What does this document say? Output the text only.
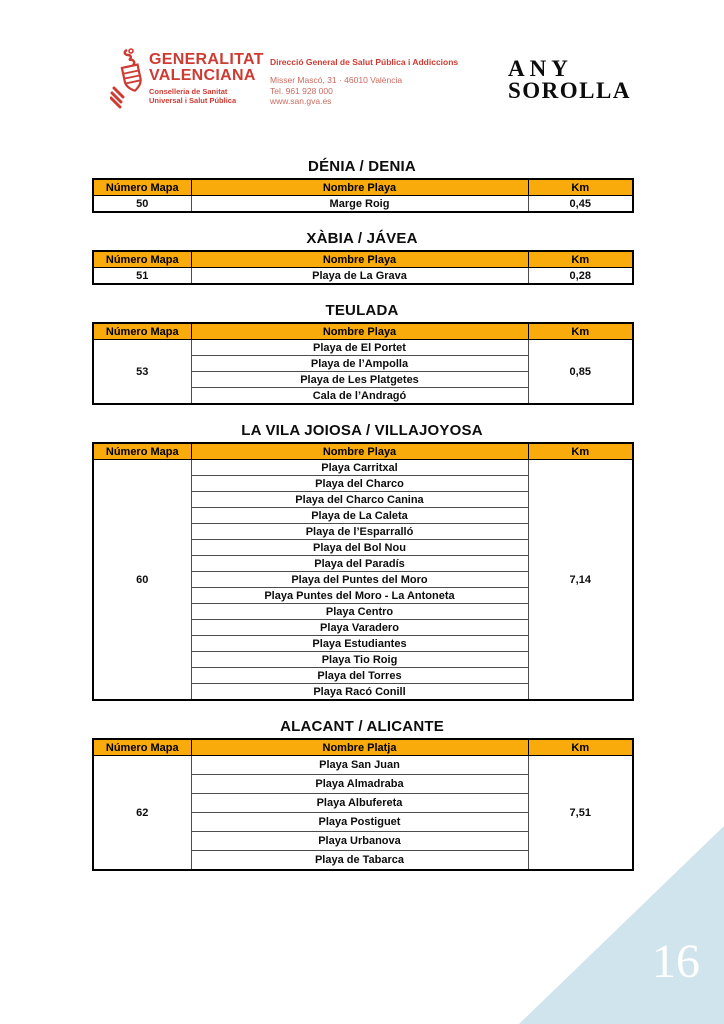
GENERALITAT
VALENCIANA
Conselleria de Sanitat
Universal i Salut Pública
Direcció General de Salut Pública i Addiccions
Misser Mascó, 31 · 46010 València
Tel. 961 928 000
www.san.gva.es
ANY
SOROLLA
DÉNIA / DENIA
Número Mapa	Nombre Playa	Km
50	Marge Roig	0,45
XÀBIA / JÁVEA
Número Mapa	Nombre Playa	Km
51	Playa de La Grava	0,28
TEULADA
Número Mapa	Nombre Playa	Km
53	Playa de El Portet	0,85
	Playa de l’Ampolla	
	Playa de Les Platgetes	
	Cala de l’Andragó	
LA VILA JOIOSA / VILLAJOYOSA
Número Mapa	Nombre Playa	Km
60	Playa Carritxal	7,14
	Playa del Charco	
	Playa del Charco Canina	
	Playa de La Caleta	
	Playa de l’Esparralló	
	Playa del Bol Nou	
	Playa del Paradís	
	Playa del Puntes del Moro	
	Playa Puntes del Moro - La Antoneta	
	Playa Centro	
	Playa Varadero	
	Playa Estudiantes	
	Playa Tio Roig	
	Playa del Torres	
	Playa Racó Conill	
ALACANT / ALICANTE
Número Mapa	Nombre Platja	Km
62	Playa San Juan	7,51
	Playa Almadraba	
	Playa Albufereta	
	Playa Postiguet	
	Playa Urbanova	
	Playa de Tabarca	
16
